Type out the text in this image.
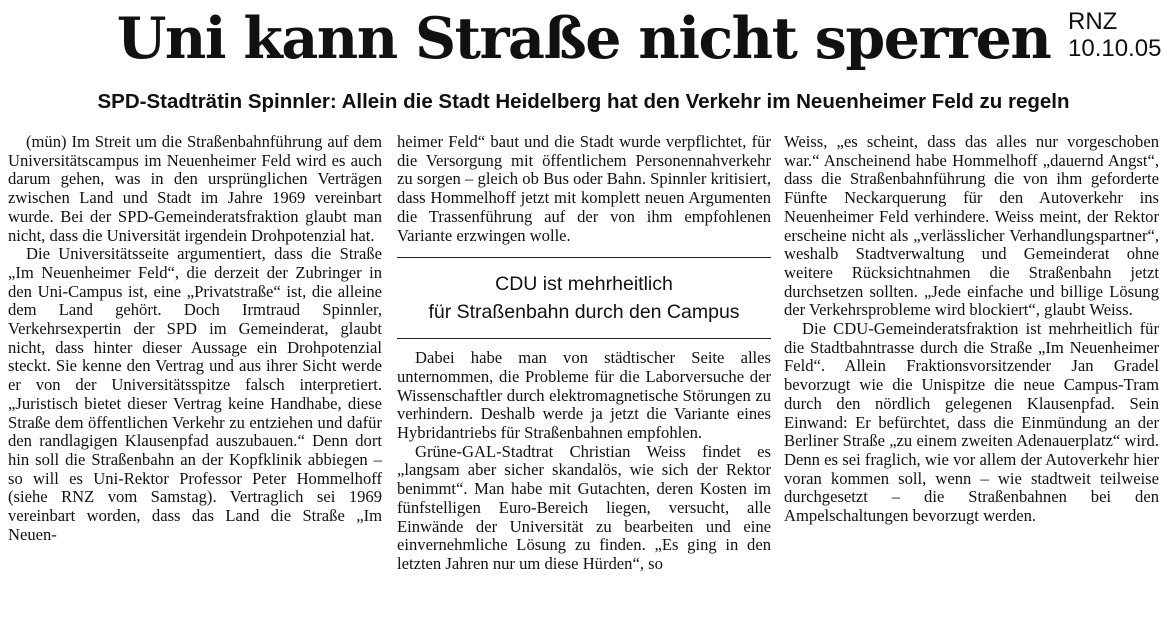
Uni kann Straße nicht sperren RNZ
10.10.05
SPD-Stadträtin Spinnler: Allein die Stadt Heidelberg hat den Verkehr im Neuenheimer Feld zu regeln

(mün) Im Streit um die Straßenbahnführung auf dem Universitätscampus im Neuenheimer Feld wird es auch darum gehen, was in den ursprünglichen Verträgen zwischen Land und Stadt im Jahre 1969 vereinbart wurde. Bei der SPD-Gemeinderatsfraktion glaubt man nicht, dass die Universität irgendein Drohpotenzial hat.

Die Universitätsseite argumentiert, dass die Straße „Im Neuenheimer Feld“, die derzeit der Zubringer in den Uni-Campus ist, eine „Privatstraße“ ist, die alleine dem Land gehört. Doch Irmtraud Spinnler, Verkehrsexpertin der SPD im Gemeinderat, glaubt nicht, dass hinter dieser Aussage ein Drohpotenzial steckt. Sie kenne den Vertrag und aus ihrer Sicht werde er von der Universitätsspitze falsch interpretiert. „Juristisch bietet dieser Vertrag keine Handhabe, diese Straße dem öffentlichen Verkehr zu entziehen und dafür den randlagigen Klausenpfad auszubauen.“ Denn dort hin soll die Straßenbahn an der Kopfklinik abbiegen – so will es Uni-Rektor Professor Peter Hommelhoff (siehe RNZ vom Samstag). Vertraglich sei 1969 vereinbart worden, dass das Land die Straße „Im Neuen-

heimer Feld“ baut und die Stadt wurde verpflichtet, für die Versorgung mit öffentlichem Personennahverkehr zu sorgen – gleich ob Bus oder Bahn. Spinnler kritisiert, dass Hommelhoff jetzt mit komplett neuen Argumenten die Trassenführung auf der von ihm empfohlenen Variante erzwingen wolle.

CDU ist mehrheitlich
für Straßenbahn durch den Campus

Dabei habe man von städtischer Seite alles unternommen, die Probleme für die Laborversuche der Wissenschaftler durch elektromagnetische Störungen zu verhindern. Deshalb werde ja jetzt die Variante eines Hybridantriebs für Straßenbahnen empfohlen.

Grüne-GAL-Stadtrat Christian Weiss findet es „langsam aber sicher skandalös, wie sich der Rektor benimmt“. Man habe mit Gutachten, deren Kosten im fünfstelligen Euro-Bereich liegen, versucht, alle Einwände der Universität zu bearbeiten und eine einvernehmliche Lösung zu finden. „Es ging in den letzten Jahren nur um diese Hürden“, so

Weiss, „es scheint, dass das alles nur vorgeschoben war.“ Anscheinend habe Hommelhoff „dauernd Angst“, dass die Straßenbahnführung die von ihm geforderte Fünfte Neckarquerung für den Autoverkehr ins Neuenheimer Feld verhindere. Weiss meint, der Rektor erscheine nicht als „verlässlicher Verhandlungspartner“, weshalb Stadtverwaltung und Gemeinderat ohne weitere Rücksichtnahmen die Straßenbahn jetzt durchsetzen sollten. „Jede einfache und billige Lösung der Verkehrsprobleme wird blockiert“, glaubt Weiss.

Die CDU-Gemeinderatsfraktion ist mehrheitlich für die Stadtbahntrasse durch die Straße „Im Neuenheimer Feld“. Allein Fraktionsvorsitzender Jan Gradel bevorzugt wie die Unispitze die neue Campus-Tram durch den nördlich gelegenen Klausenpfad. Sein Einwand: Er befürchtet, dass die Einmündung an der Berliner Straße „zu einem zweiten Adenauerplatz“ wird. Denn es sei fraglich, wie vor allem der Autoverkehr hier voran kommen soll, wenn – wie stadtweit teilweise durchgesetzt – die Straßenbahnen bei den Ampelschaltungen bevorzugt werden.
